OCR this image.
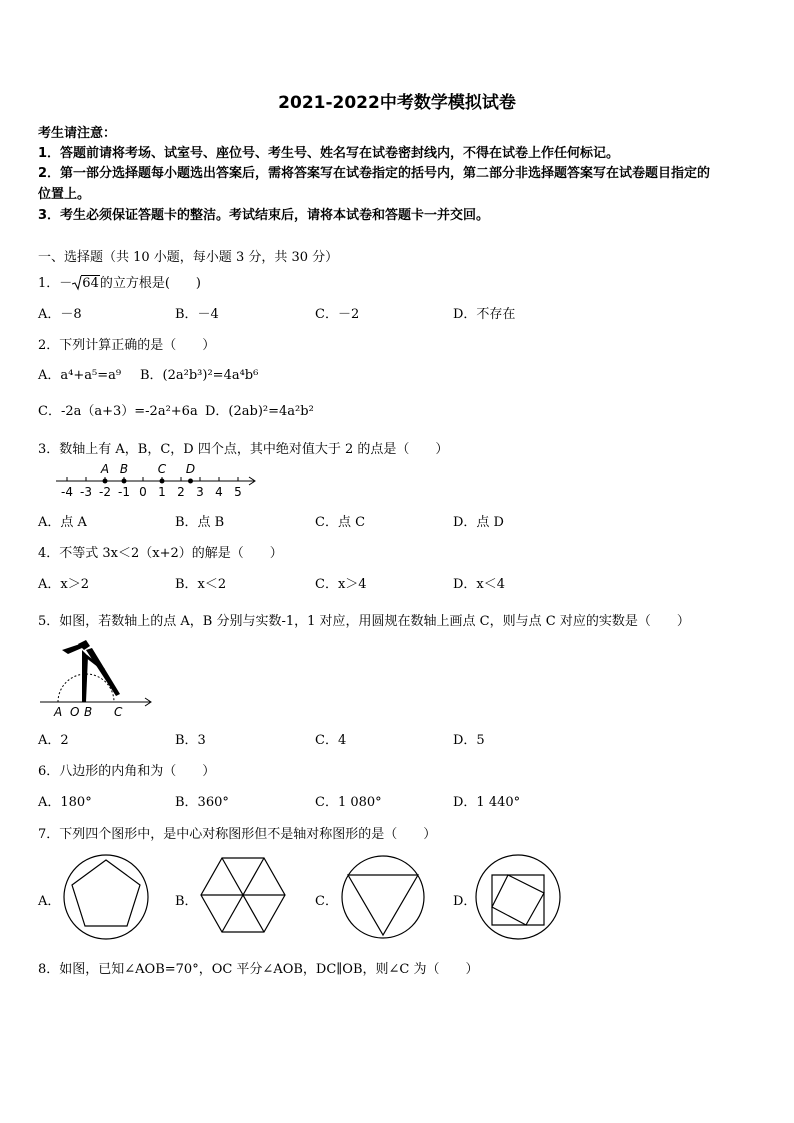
2021-2022中考数学模拟试卷
考生请注意：
1．答题前请将考场、试室号、座位号、考生号、姓名写在试卷密封线内，不得在试卷上作任何标记。
2．第一部分选择题每小题选出答案后，需将答案写在试卷指定的括号内，第二部分非选择题答案写在试卷题目指定的
位置上。
3．考生必须保证答题卡的整洁。考试结束后，请将本试卷和答题卡一并交回。
一、选择题（共 10 小题，每小题 3 分，共 30 分）
1．－ 64的立方根是(　　)
A．－8	B．－4	C．－2	D．不存在
2．下列计算正确的是（　　）
A．a⁴+a⁵=a⁹ B．(2a²b³)²=4a⁴b⁶
C．-2a（a+3）=-2a²+6a D．(2ab)²=4a²b²
3．数轴上有 A，B，C，D 四个点，其中绝对值大于 2 的点是（　　）
-4 -3 -2 -1 0 1 2 3 4 5
A B C D
A．点 A	B．点 B	C．点 C	D．点 D
4．不等式 3x＜2（x+2）的解是（　　）
A．x＞2	B．x＜2	C．x＞4	D．x＜4
5．如图，若数轴上的点 A，B 分别与实数-1，1 对应，用圆规在数轴上画点 C，则与点 C 对应的实数是（　　）
A O B C
A．2	B．3	C．4	D．5
6．八边形的内角和为（　　）
A．180°	B．360°	C．1 080°	D．1 440°
7．下列四个图形中，是中心对称图形但不是轴对称图形的是（　　）
A．	B．	C．	D．
8．如图，已知∠AOB=70°，OC 平分∠AOB，DC∥OB，则∠C 为（　　）
